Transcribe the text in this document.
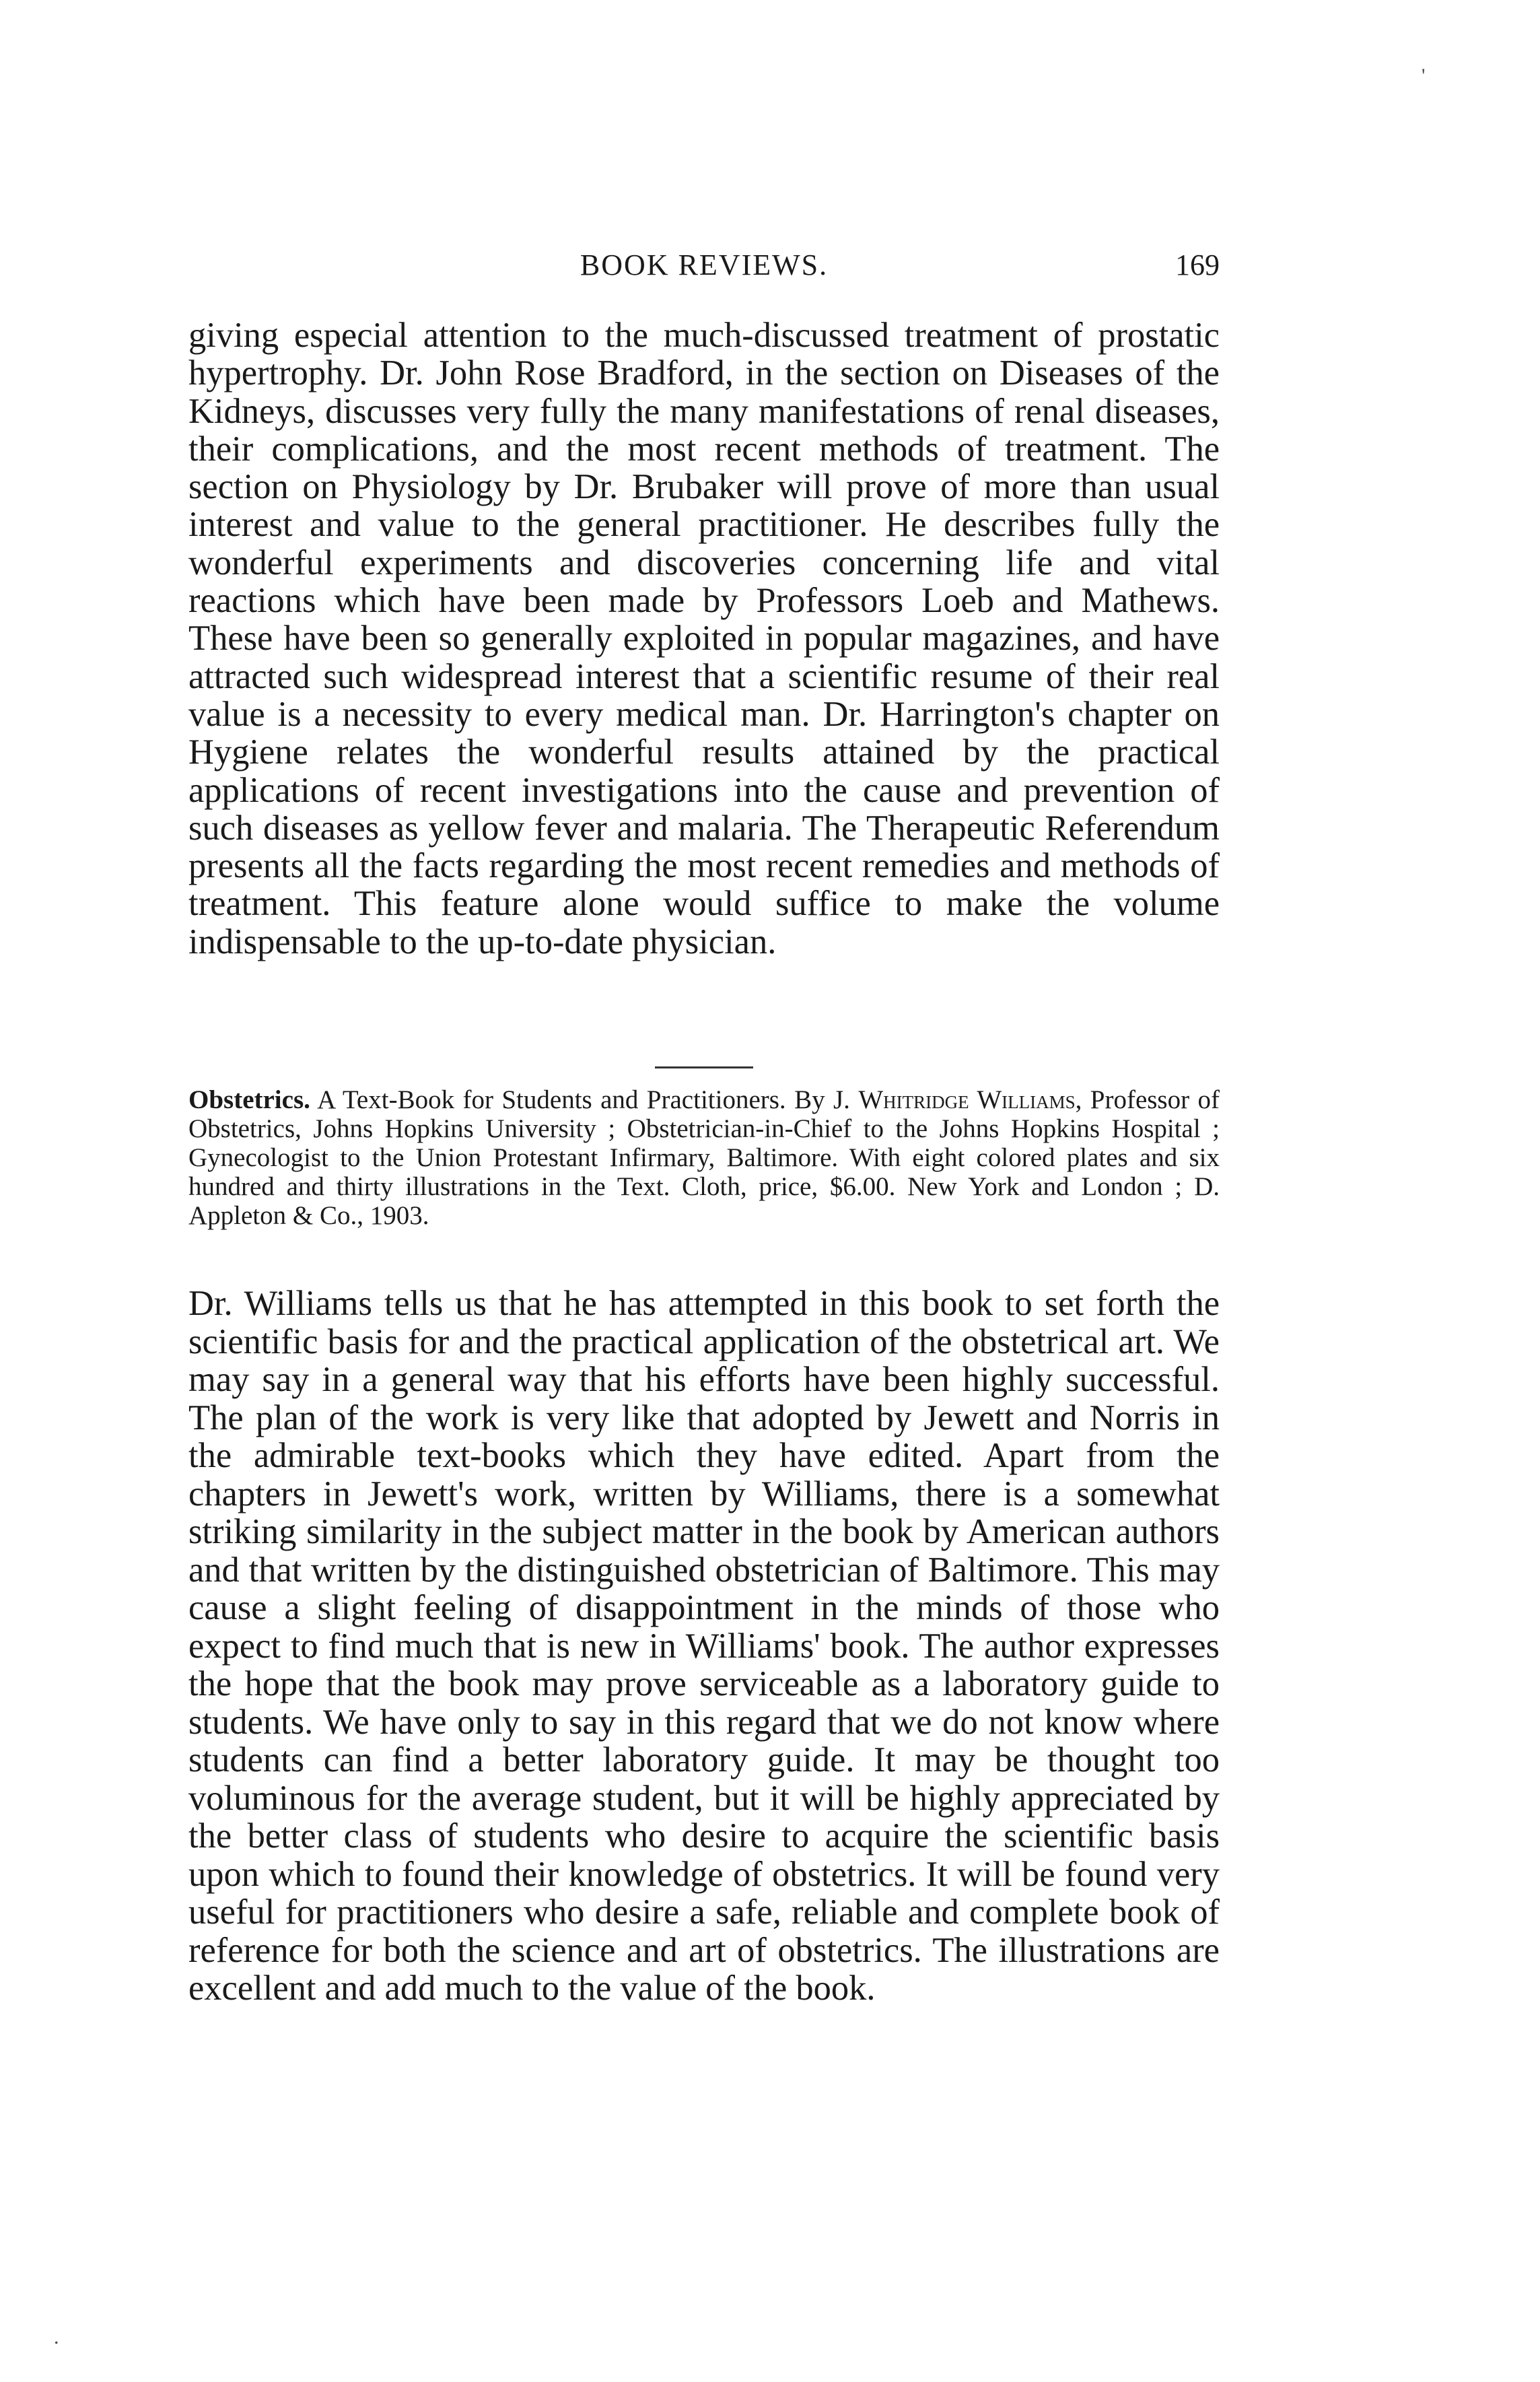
BOOK REVIEWS.	169

giving especial attention to the much-discussed treatment of prostatic hypertrophy. Dr. John Rose Bradford, in the section on Diseases of the Kidneys, discusses very fully the many manifestations of renal diseases, their complications, and the most recent methods of treatment. The section on Physiology by Dr. Brubaker will prove of more than usual interest and value to the general practitioner. He describes fully the wonderful experiments and discoveries concerning life and vital reactions which have been made by Professors Loeb and Mathews. These have been so generally exploited in popular magazines, and have attracted such widespread interest that a scientific resume of their real value is a necessity to every medical man. Dr. Harrington's chapter on Hygiene relates the wonderful results attained by the practical applications of recent investigations into the cause and prevention of such diseases as yellow fever and malaria. The Therapeutic Referendum presents all the facts regarding the most recent remedies and methods of treatment. This feature alone would suffice to make the volume indispensable to the up-to-date physician.

Obstetrics. A Text-Book for Students and Practitioners. By J. Whitridge Williams, Professor of Obstetrics, Johns Hopkins University ; Obstetrician-in-Chief to the Johns Hopkins Hospital ; Gynecologist to the Union Protestant Infirmary, Baltimore. With eight colored plates and six hundred and thirty illustrations in the Text. Cloth, price, $6.00. New York and London ; D. Appleton & Co., 1903.

Dr. Williams tells us that he has attempted in this book to set forth the scientific basis for and the practical application of the obstetrical art. We may say in a general way that his efforts have been highly successful. The plan of the work is very like that adopted by Jewett and Norris in the admirable text-books which they have edited. Apart from the chapters in Jewett's work, written by Williams, there is a somewhat striking similarity in the subject matter in the book by American authors and that written by the distinguished obstetrician of Baltimore. This may cause a slight feeling of disappointment in the minds of those who expect to find much that is new in Williams' book. The author expresses the hope that the book may prove serviceable as a laboratory guide to students. We have only to say in this regard that we do not know where students can find a better laboratory guide. It may be thought too voluminous for the average student, but it will be highly appreciated by the better class of students who desire to acquire the scientific basis upon which to found their knowledge of obstetrics. It will be found very useful for practitioners who desire a safe, reliable and complete book of reference for both the science and art of obstetrics. The illustrations are excellent and add much to the value of the book.

'
.
